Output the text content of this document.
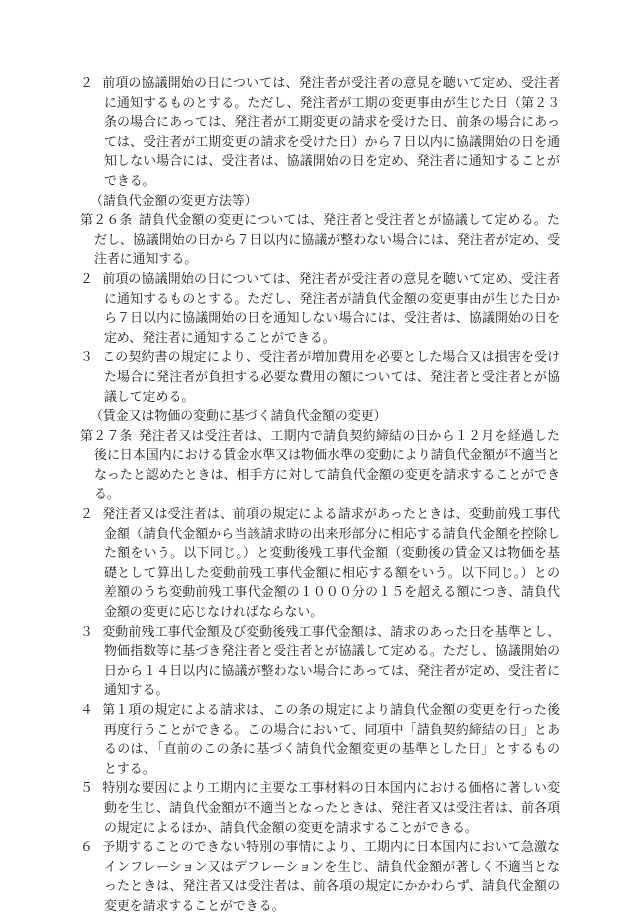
２ 前項の協議開始の日については、発注者が受注者の意見を聴いて定め、受注者に通知するものとする。ただし、発注者が工期の変更事由が生じた日（第２３条の場合にあっては、発注者が工期変更の請求を受けた日、前条の場合にあっては、受注者が工期変更の請求を受けた日）から７日以内に協議開始の日を通知しない場合には、受注者は、協議開始の日を定め、発注者に通知することができる。

（請負代金額の変更方法等）

第２６条 請負代金額の変更については、発注者と受注者とが協議して定める。ただし、協議開始の日から７日以内に協議が整わない場合には、発注者が定め、受注者に通知する。

２ 前項の協議開始の日については、発注者が受注者の意見を聴いて定め、受注者に通知するものとする。ただし、発注者が請負代金額の変更事由が生じた日から７日以内に協議開始の日を通知しない場合には、受注者は、協議開始の日を定め、発注者に通知することができる。

３ この契約書の規定により、受注者が増加費用を必要とした場合又は損害を受けた場合に発注者が負担する必要な費用の額については、発注者と受注者とが協議して定める。

（賃金又は物価の変動に基づく請負代金額の変更）

第２７条 発注者又は受注者は、工期内で請負契約締結の日から１２月を経過した後に日本国内における賃金水準又は物価水準の変動により請負代金額が不適当となったと認めたときは、相手方に対して請負代金額の変更を請求することができる。

２ 発注者又は受注者は、前項の規定による請求があったときは、変動前残工事代金額（請負代金額から当該請求時の出来形部分に相応する請負代金額を控除した額をいう。以下同じ。）と変動後残工事代金額（変動後の賃金又は物価を基礎として算出した変動前残工事代金額に相応する額をいう。以下同じ。）との差額のうち変動前残工事代金額の１０００分の１５を超える額につき、請負代金額の変更に応じなければならない。

３ 変動前残工事代金額及び変動後残工事代金額は、請求のあった日を基準とし、物価指数等に基づき発注者と受注者とが協議して定める。ただし、協議開始の日から１４日以内に協議が整わない場合にあっては、発注者が定め、受注者に通知する。

４ 第１項の規定による請求は、この条の規定により請負代金額の変更を行った後再度行うことができる。この場合において、同項中「請負契約締結の日」とあるのは、「直前のこの条に基づく請負代金額変更の基準とした日」とするものとする。

５ 特別な要因により工期内に主要な工事材料の日本国内における価格に著しい変動を生じ、請負代金額が不適当となったときは、発注者又は受注者は、前各項の規定によるほか、請負代金額の変更を請求することができる。

６ 予期することのできない特別の事情により、工期内に日本国内において急激なインフレーション又はデフレーションを生じ、請負代金額が著しく不適当となったときは、発注者又は受注者は、前各項の規定にかかわらず、請負代金額の変更を請求することができる。
